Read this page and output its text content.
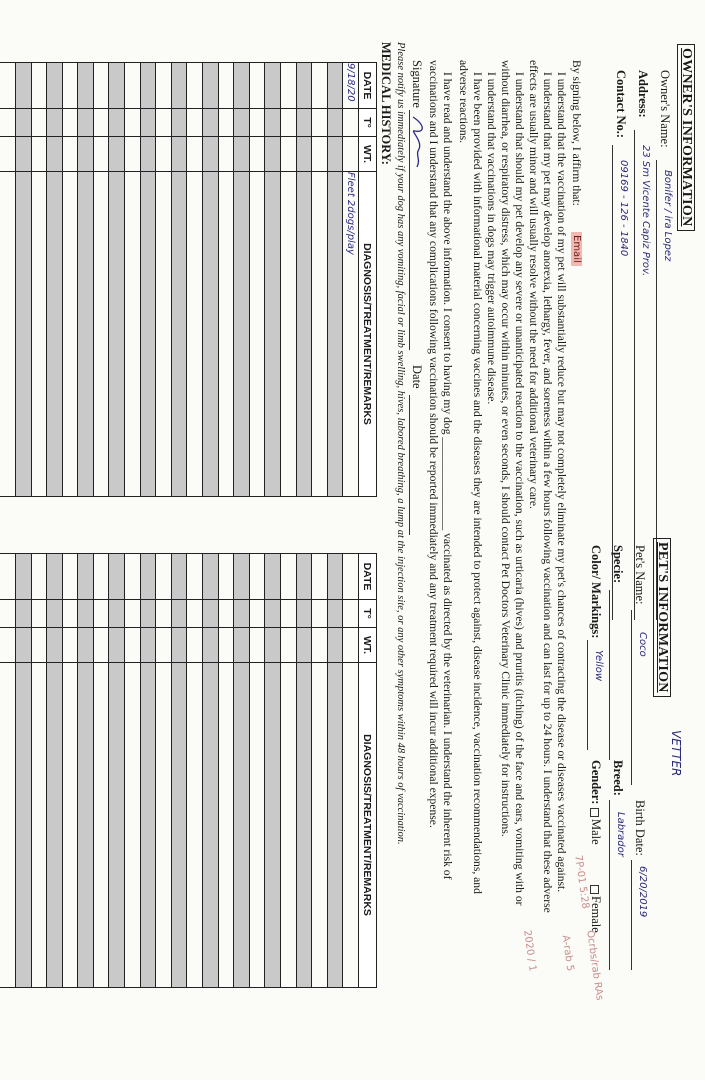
OWNER'S INFORMATION
Owner's Name:
Bonifer / ira Lopez
Address:
23 Sm Vicente Capiz Prov.
Contact No.:
09169 - 126 - 1840
PET'S INFORMATION
VETTER
Pet's Name:
Coco
Birth Date:
6/20/2019
Specie:
Breed:
Labrador
Color/ Markings:
Yellow
Gender:
Male
Female
7P-01 5:28
Ocrbs/rab RAs
A-rab 5
2020 / 1
By signing below, I affirm that:
Email
I understand that the vaccination of my pet will substantially reduce but may not completely eliminate my pet's chances of contracting the disease or diseases vaccinated against.
I understand that my pet may develop anorexia, lethargy, fever, and soreness within a few hours following vaccination and can last for up to 24 hours. I understand that these adverse
effects are usually minor and will usually resolve without the need for additional veterinary care.
I understand that should my pet develop any severe or unanticipated reaction to the vaccination, such as urticaria (hives) and pruritis (itching) of the face and ears, vomiting with or
without diarrhea, or respiratory distress, which may occur within minutes, or even seconds, I should contact Pet Doctors Veterinary Clinic immediately for instructions.
I understand that vaccinations in dogs may trigger autoimmune disease.
I have been provided with informational material concerning vaccines and the diseases they are intended to protect against, disease incidence, vaccination recommendations, and
adverse reactions.
I have read and understand the above information. I consent to having my dog ________________ vaccinated as directed by the veterinarian. I understand the inherent risk of
vaccinations and I understand that any complications following vaccination should be reported immediately and any treatment required will incur additional expense.
Signature
Date
Please notify us immediately if your dog has any vomiting, facial or limb swelling, hives, labored breathing, a lump at the injection site, or any other symptoms within 48 hours of vaccination.
MEDICAL HISTORY:
DATE	T°	WT.	DIAGNOSIS/TREATMENT/REMARKS
9/18/20			Fleet 2dogs/play

DATE	T°	WT.	DIAGNOSIS/TREATMENT/REMARKS
